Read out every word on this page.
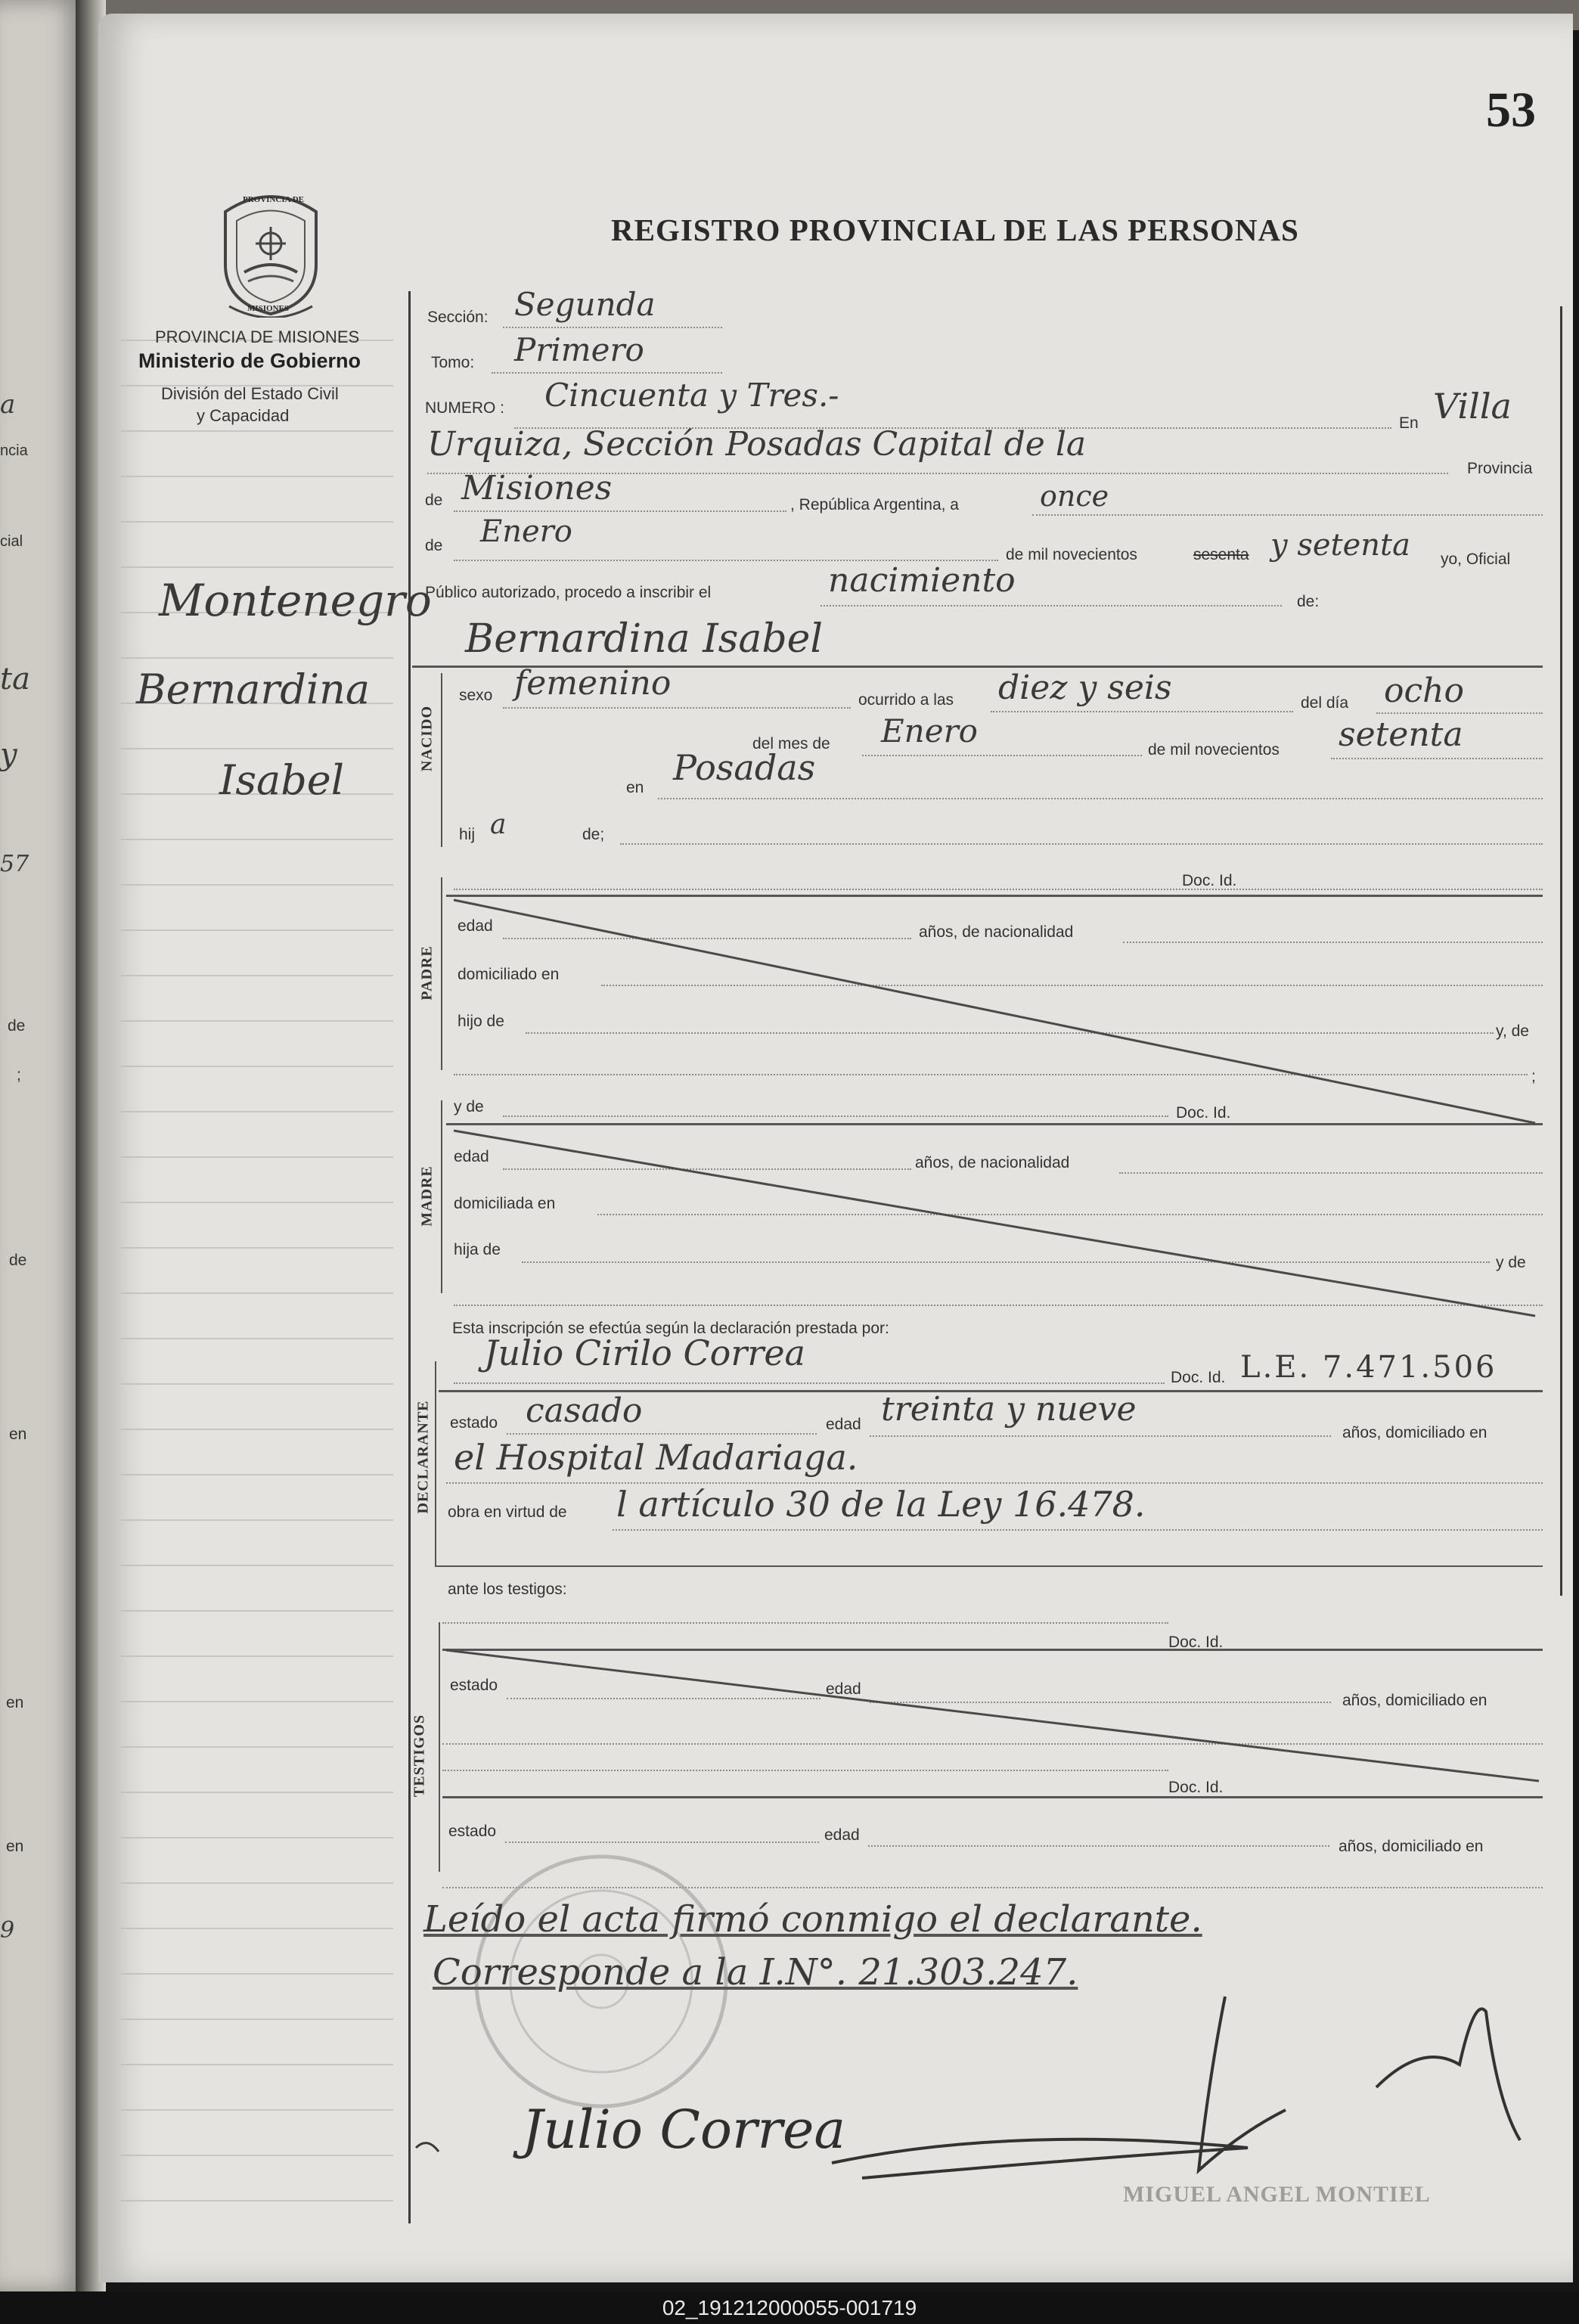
a
ncia
cial
ta
y
57
de
;
de
en
en
en
9
53
REGISTRO PROVINCIAL DE LAS PERSONAS
PROVINCIA DE
MISIONES
PROVINCIA DE MISIONES
Ministerio de Gobierno
División del Estado Civil
y Capacidad
Montenegro
Bernardina
Isabel
NACIDO
PADRE
MADRE
DECLARANTE
TESTIGOS
Sección: Segunda
Tomo: Primero
NUMERO : Cincuenta y Tres.-
En Villa
Urquiza, Sección Posadas Capital de la
Provincia
de Misiones	, República Argentina, a	once
de Enero
de mil novecientos	sesenta y setenta yo, Oficial
Público autorizado, procedo a inscribir el	nacimiento
de:
Bernardina Isabel
sexo femenino	ocurrido a las diez y seis	del día ocho
del mes de Enero
de mil novecientos setenta
en Posadas
hij a	de;
Doc. Id.
edad	años, de nacionalidad
domiciliado en
hijo de
y, de
;
y de	Doc. Id.
edad	años, de nacionalidad
domiciliada en
hija de
y de
Esta inscripción se efectúa según la declaración prestada por:
Julio Cirilo Correa
Doc. Id. L.E. 7.471.506
estado casado	edad treinta y nueve
años, domiciliado en
el Hospital Madariaga.
obra en virtud de l artículo 30 de la Ley 16.478.
ante los testigos:
Doc. Id.
estado	edad
años, domiciliado en
Doc. Id.
estado	edad
años, domiciliado en
Leído el acta firmó conmigo el declarante.
Corresponde a la I.N°. 21.303.247.
Julio Correa
MIGUEL ANGEL MONTIEL
02_191212000055-001719
